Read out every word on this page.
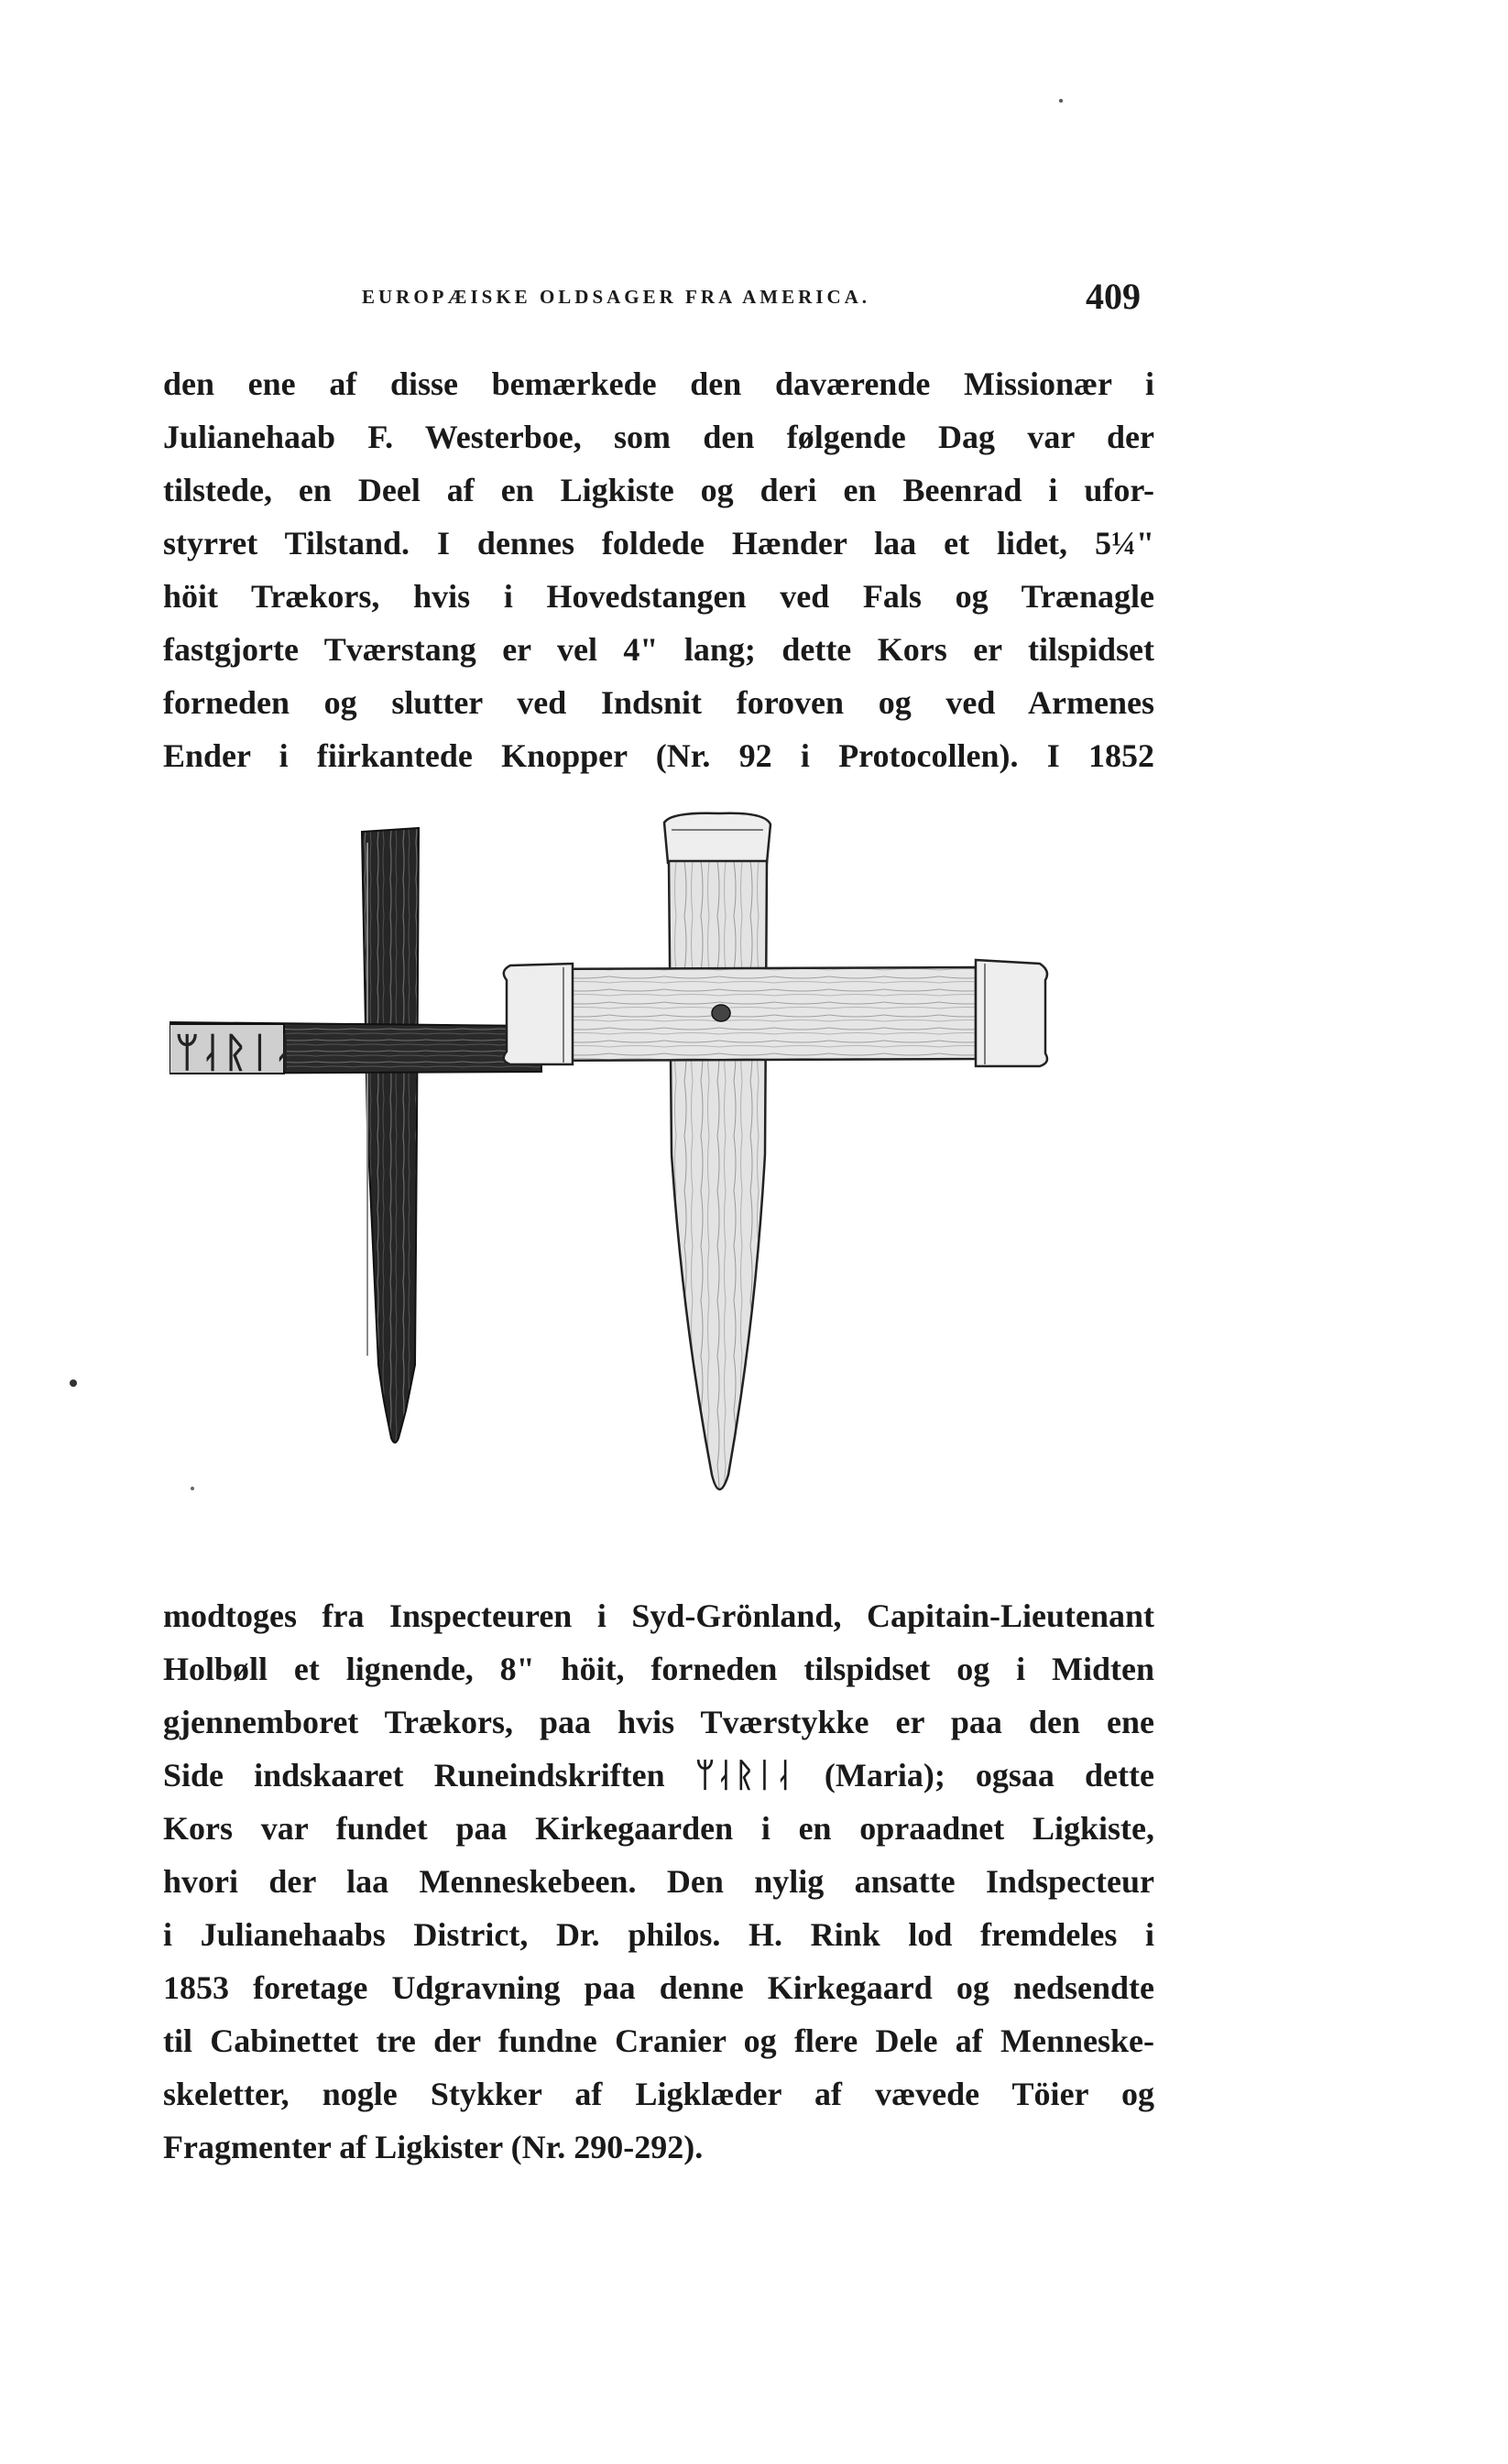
EUROPÆISKE OLDSAGER FRA AMERICA.	409
den ene af disse bemærkede den daværende Missionær i
Julianehaab F. Westerboe, som den følgende Dag var der
tilstede, en Deel af en Ligkiste og deri en Beenrad i ufor-
styrret Tilstand. I dennes foldede Hænder laa et lidet, 5¼"
höit Trækors, hvis i Hovedstangen ved Fals og Trænagle
fastgjorte Tværstang er vel 4" lang; dette Kors er tilspidset
forneden og slutter ved Indsnit foroven og ved Armenes
Ender i fiirkantede Knopper (Nr. 92 i Protocollen). I 1852
ᛘᛆᚱᛁᛆ
modtoges fra Inspecteuren i Syd-Grönland, Capitain-Lieutenant
Holbøll et lignende, 8" höit, forneden tilspidset og i Midten
gjennemboret Trækors, paa hvis Tværstykke er paa den ene
Side indskaaret Runeindskriften ᛘᛆᚱᛁᛆ (Maria); ogsaa dette
Kors var fundet paa Kirkegaarden i en opraadnet Ligkiste,
hvori der laa Menneskebeen. Den nylig ansatte Indspecteur
i Julianehaabs District, Dr. philos. H. Rink lod fremdeles i
1853 foretage Udgravning paa denne Kirkegaard og nedsendte
til Cabinettet tre der fundne Cranier og flere Dele af Menneske-
skeletter, nogle Stykker af Ligklæder af vævede Töier og
Fragmenter af Ligkister (Nr. 290-292).
